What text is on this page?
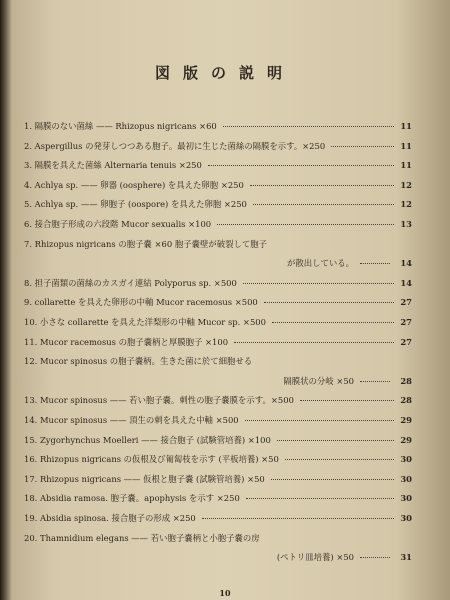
図版の説明
1. 隔膜のない菌絲 —— Rhizopus nigricans ×60	11
2. Aspergillus の発芽しつつある胞子。最初に生じた菌絲の隔膜を示す。×250	11
3. 隔膜を具えた菌絲 Alternaria tenuis ×250	11
4. Achlya sp. —— 卵器 (oosphere) を具えた卵胞 ×250	12
5. Achlya sp. —— 卵胞子 (oospore) を具えた卵胞 ×250	12
6. 接合胞子形成の六段階 Mucor sexualis ×100	13
7. Rhizopus nigricans の胞子嚢 ×60 胞子嚢壁が破裂して胞子
が散出している。	14
8. 担子菌類の菌絲のカスガイ連結 Polyporus sp. ×500	14
9. collarette を具えた卵形の中軸 Mucor racemosus ×500	27
10. 小さな collarette を具えた洋梨形の中軸 Mucor sp. ×500	27
11. Mucor racemosus の胞子嚢柄と厚膜胞子 ×100	27
12. Mucor spinosus の胞子嚢柄。生きた菌に於て細胞せる
隔膜状の分岐 ×50	28
13. Mucor spinosus —— 若い胞子嚢。刺性の胞子嚢膜を示す。×500	28
14. Mucor spinosus —— 頂生の刺を具えた中軸 ×500	29
15. Zygorhynchus Moelleri —— 接合胞子 (試験管培養) ×100	29
16. Rhizopus nigricans の仮根及び匍匐枝を示す (平板培養) ×50	30
17. Rhizopus nigricans —— 仮根と胞子嚢 (試験管培養) ×50	30
18. Absidia ramosa. 胞子嚢。apophysis を示す ×250	30
19. Absidia spinosa. 接合胞子の形成 ×250	30
20. Thamnidium elegans —— 若い胞子嚢柄と小胞子嚢の房
(ペトリ皿培養) ×50	31
10
